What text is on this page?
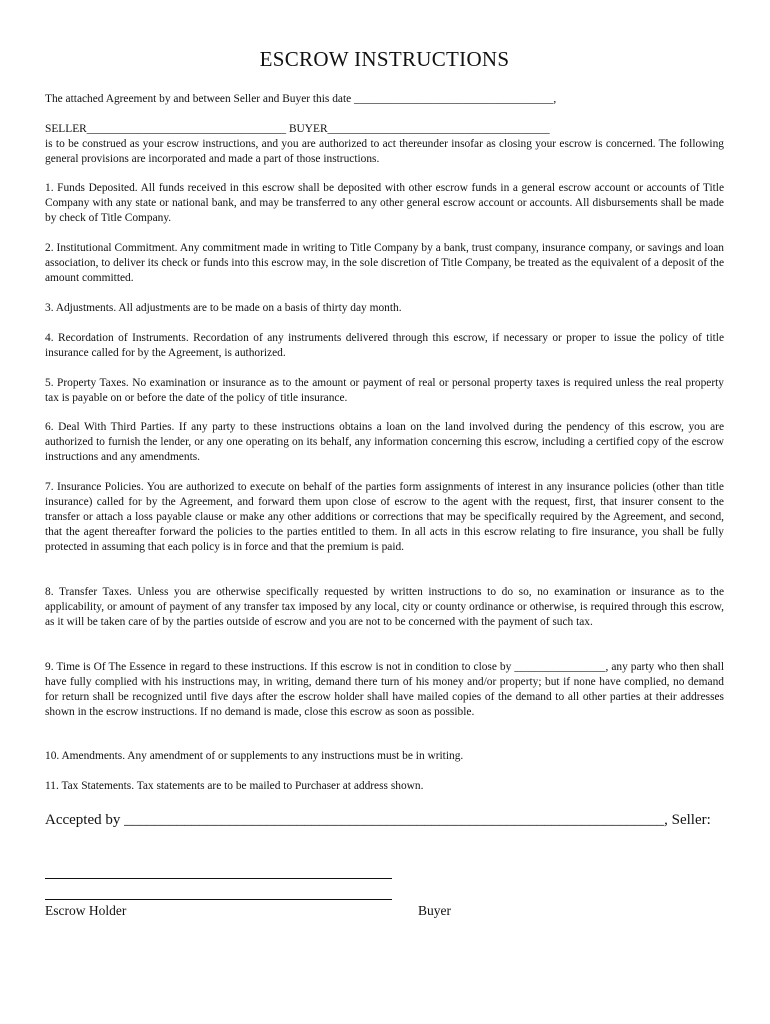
ESCROW INSTRUCTIONS
The attached Agreement by and between Seller and Buyer this date ___________________________________,
SELLER___________________________________ BUYER_______________________________________
is to be construed as your escrow instructions, and you are authorized to act thereunder insofar as closing your escrow is concerned. The following general provisions are incorporated and made a part of those instructions.
1. Funds Deposited. All funds received in this escrow shall be deposited with other escrow funds in a general escrow account or accounts of Title Company with any state or national bank, and may be transferred to any other general escrow account or accounts. All disbursements shall be made by check of Title Company.
2. Institutional Commitment. Any commitment made in writing to Title Company by a bank, trust company, insurance company, or savings and loan association, to deliver its check or funds into this escrow may, in the sole discretion of Title Company, be treated as the equivalent of a deposit of the amount committed.
3. Adjustments. All adjustments are to be made on a basis of thirty day month.
4. Recordation of Instruments. Recordation of any instruments delivered through this escrow, if necessary or proper to issue the policy of title insurance called for by the Agreement, is authorized.
5. Property Taxes. No examination or insurance as to the amount or payment of real or personal property taxes is required unless the real property tax is payable on or before the date of the policy of title insurance.
6. Deal With Third Parties. If any party to these instructions obtains a loan on the land involved during the pendency of this escrow, you are authorized to furnish the lender, or any one operating on its behalf, any information concerning this escrow, including a certified copy of the escrow instructions and any amendments.
7. Insurance Policies. You are authorized to execute on behalf of the parties form assignments of interest in any insurance policies (other than title insurance) called for by the Agreement, and forward them upon close of escrow to the agent with the request, first, that insurer consent to the transfer or attach a loss payable clause or make any other additions or corrections that may be specifically required by the Agreement, and second, that the agent thereafter forward the policies to the parties entitled to them. In all acts in this escrow relating to fire insurance, you shall be fully protected in assuming that each policy is in force and that the premium is paid.
8. Transfer Taxes. Unless you are otherwise specifically requested by written instructions to do so, no examination or insurance as to the applicability, or amount of payment of any transfer tax imposed by any local, city or county ordinance or otherwise, is required through this escrow, as it will be taken care of by the parties outside of escrow and you are not to be concerned with the payment of such tax.
9. Time is Of The Essence in regard to these instructions. If this escrow is not in condition to close by ________________, any party who then shall have fully complied with his instructions may, in writing, demand there turn of his money and/or property; but if none have complied, no demand for return shall be recognized until five days after the escrow holder shall have mailed copies of the demand to all other parties at their addresses shown in the escrow instructions. If no demand is made, close this escrow as soon as possible.
10. Amendments. Any amendment of or supplements to any instructions must be in writing.
11. Tax Statements. Tax statements are to be mailed to Purchaser at address shown.
Accepted by ________________________________________________________________________, Seller:
Escrow Holder	Buyer
